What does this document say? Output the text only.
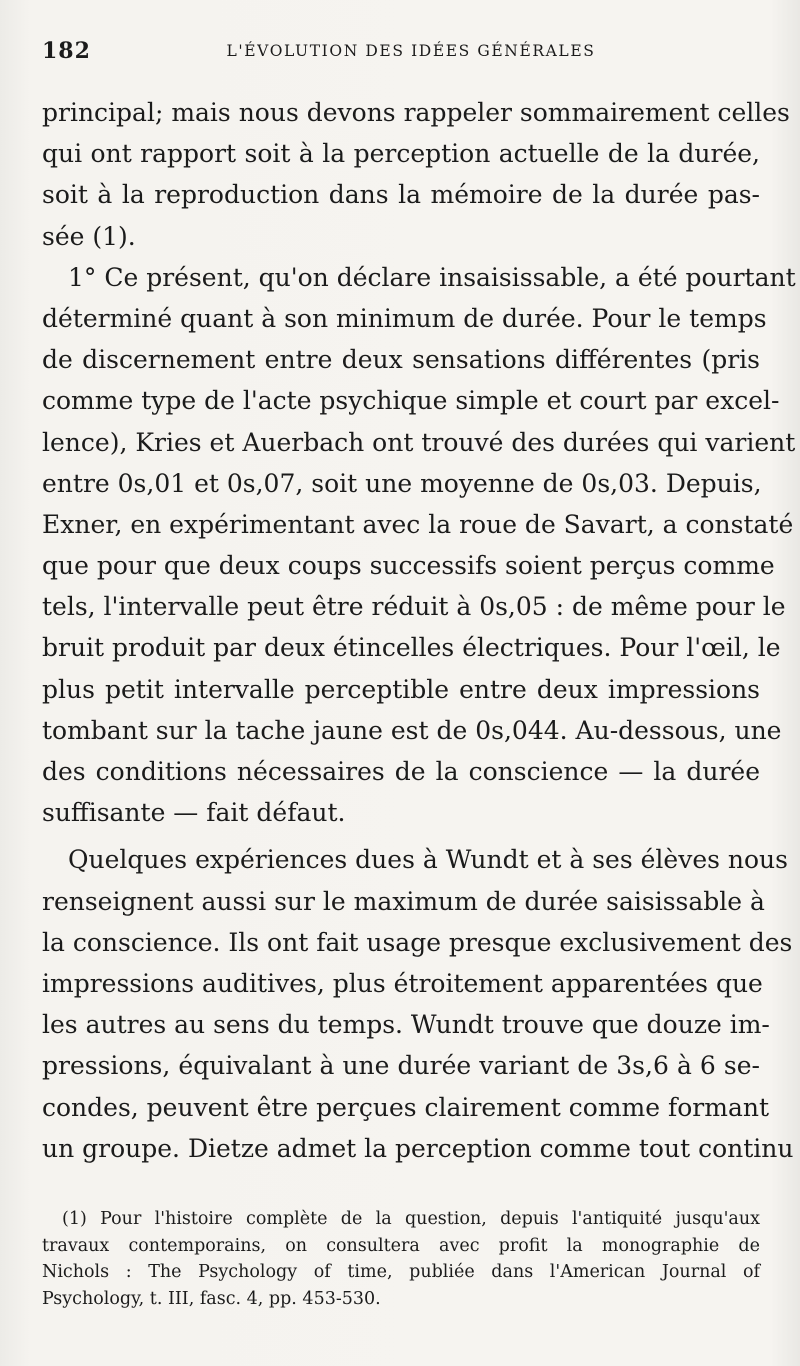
182	L'ÉVOLUTION DES IDÉES GÉNÉRALES
principal; mais nous devons rappeler sommairement celles
qui ont rapport soit à la perception actuelle de la durée,
soit à la reproduction dans la mémoire de la durée pas-
sée (1).
1° Ce présent, qu'on déclare insaisissable, a été pourtant
déterminé quant à son minimum de durée. Pour le temps
de discernement entre deux sensations différentes (pris
comme type de l'acte psychique simple et court par excel-
lence), Kries et Auerbach ont trouvé des durées qui varient
entre 0s,01 et 0s,07, soit une moyenne de 0s,03. Depuis,
Exner, en expérimentant avec la roue de Savart, a constaté
que pour que deux coups successifs soient perçus comme
tels, l'intervalle peut être réduit à 0s,05 : de même pour le
bruit produit par deux étincelles électriques. Pour l'œil, le
plus petit intervalle perceptible entre deux impressions
tombant sur la tache jaune est de 0s,044. Au-dessous, une
des conditions nécessaires de la conscience — la durée
suffisante — fait défaut.
Quelques expériences dues à Wundt et à ses élèves nous
renseignent aussi sur le maximum de durée saisissable à
la conscience. Ils ont fait usage presque exclusivement des
impressions auditives, plus étroitement apparentées que
les autres au sens du temps. Wundt trouve que douze im-
pressions, équivalant à une durée variant de 3s,6 à 6 se-
condes, peuvent être perçues clairement comme formant
un groupe. Dietze admet la perception comme tout continu
(1) Pour l'histoire complète de la question, depuis l'antiquité jusqu'aux
travaux contemporains, on consultera avec profit la monographie de
Nichols : The Psychology of time, publiée dans l'American Journal of
Psychology, t. III, fasc. 4, pp. 453-530.
